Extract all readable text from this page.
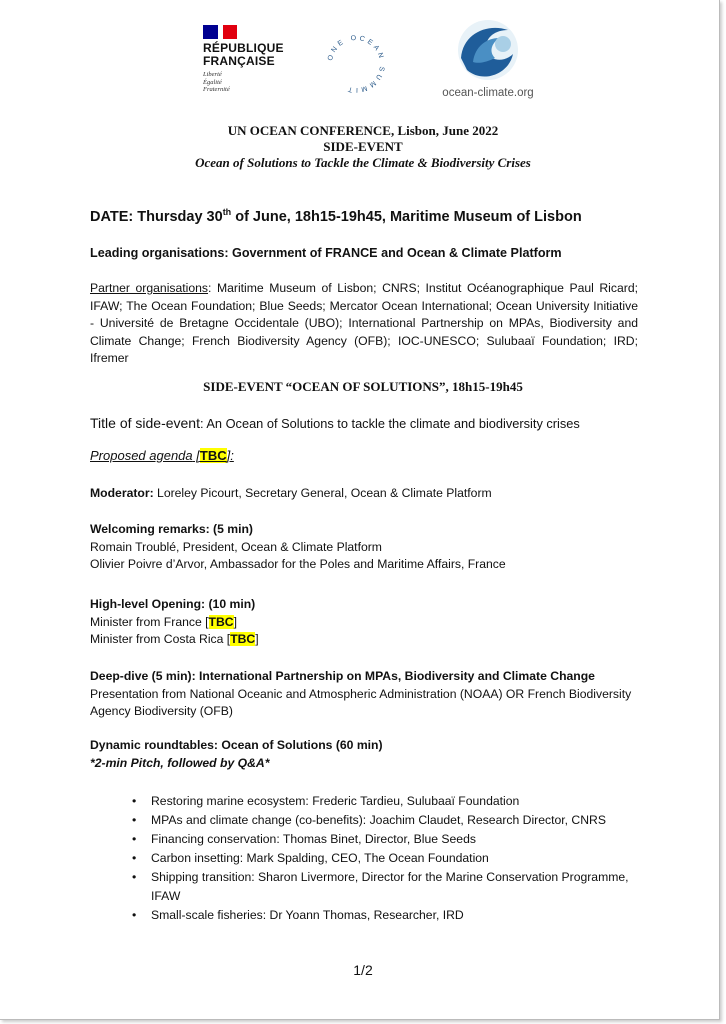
RÉPUBLIQUE
FRANÇAISE
Liberté
Égalité
Fraternité
ONE OCEAN SUMMIT	ocean-climate.org
UN OCEAN CONFERENCE, Lisbon, June 2022
SIDE-EVENT
Ocean of Solutions to Tackle the Climate & Biodiversity Crises
DATE: Thursday 30th of June, 18h15-19h45, Maritime Museum of Lisbon
Leading organisations: Government of FRANCE and Ocean & Climate Platform
Partner organisations: Maritime Museum of Lisbon; CNRS; Institut Océanographique Paul Ricard; IFAW; The Ocean Foundation; Blue Seeds; Mercator Ocean International; Ocean University Initiative - Université de Bretagne Occidentale (UBO); International Partnership on MPAs, Biodiversity and Climate Change; French Biodiversity Agency (OFB); IOC-UNESCO; Sulubaaï Foundation; IRD; Ifremer
SIDE-EVENT “OCEAN OF SOLUTIONS”, 18h15-19h45
Title of side-event: An Ocean of Solutions to tackle the climate and biodiversity crises
Proposed agenda [TBC]:
Moderator: Loreley Picourt, Secretary General, Ocean & Climate Platform
Welcoming remarks: (5 min)
Romain Troublé, President, Ocean & Climate Platform
Olivier Poivre d’Arvor, Ambassador for the Poles and Maritime Affairs, France
High-level Opening: (10 min)
Minister from France [TBC]
Minister from Costa Rica [TBC]
Deep-dive (5 min): International Partnership on MPAs, Biodiversity and Climate Change
Presentation from National Oceanic and Atmospheric Administration (NOAA) OR French Biodiversity Agency Biodiversity (OFB)
Dynamic roundtables: Ocean of Solutions (60 min)
*2-min Pitch, followed by Q&A*
• Restoring marine ecosystem: Frederic Tardieu, Sulubaaï Foundation
• MPAs and climate change (co-benefits): Joachim Claudet, Research Director, CNRS
• Financing conservation: Thomas Binet, Director, Blue Seeds
• Carbon insetting: Mark Spalding, CEO, The Ocean Foundation
• Shipping transition: Sharon Livermore, Director for the Marine Conservation Programme, IFAW
• Small-scale fisheries: Dr Yoann Thomas, Researcher, IRD
1/2
